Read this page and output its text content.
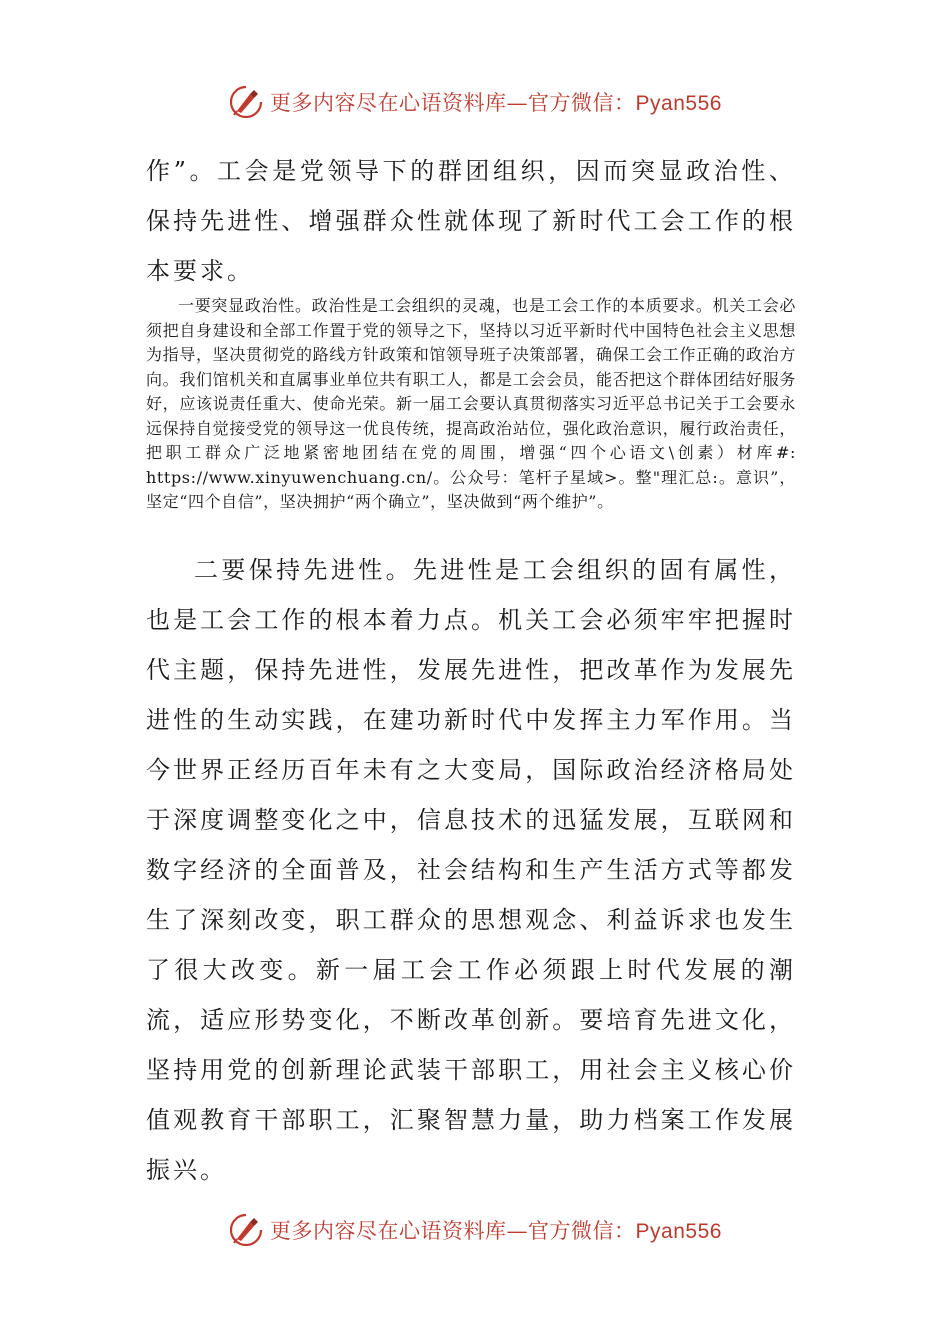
更多内容尽在心语资料库—官方微信：Pyan556

作”。工会是党领导下的群团组织，因而突显政治性、保持先进性、增强群众性就体现了新时代工会工作的根本要求。

一要突显政治性。政治性是工会组织的灵魂，也是工会工作的本质要求。机关工会必须把自身建设和全部工作置于党的领导之下，坚持以习近平新时代中国特色社会主义思想为指导，坚决贯彻党的路线方针政策和馆领导班子决策部署，确保工会工作正确的政治方向。我们馆机关和直属事业单位共有职工人，都是工会会员，能否把这个群体团结好服务好，应该说责任重大、使命光荣。新一届工会要认真贯彻落实习近平总书记关于工会要永远保持自觉接受党的领导这一优良传统，提高政治站位，强化政治意识，履行政治责任，把职工群众广泛地紧密地团结在党的周围，增强“四个心语文\创素）材库#: https://www.xinyuwenchuang.cn/。公众号：笔杆子星域>。整"理汇总:。意识”，坚定“四个自信”，坚决拥护“两个确立”，坚决做到“两个维护”。

二要保持先进性。先进性是工会组织的固有属性，也是工会工作的根本着力点。机关工会必须牢牢把握时代主题，保持先进性，发展先进性，把改革作为发展先进性的生动实践，在建功新时代中发挥主力军作用。当今世界正经历百年未有之大变局，国际政治经济格局处于深度调整变化之中，信息技术的迅猛发展，互联网和数字经济的全面普及，社会结构和生产生活方式等都发生了深刻改变，职工群众的思想观念、利益诉求也发生了很大改变。新一届工会工作必须跟上时代发展的潮流，适应形势变化，不断改革创新。要培育先进文化，坚持用党的创新理论武装干部职工，用社会主义核心价值观教育干部职工，汇聚智慧力量，助力档案工作发展振兴。

更多内容尽在心语资料库—官方微信：Pyan556
